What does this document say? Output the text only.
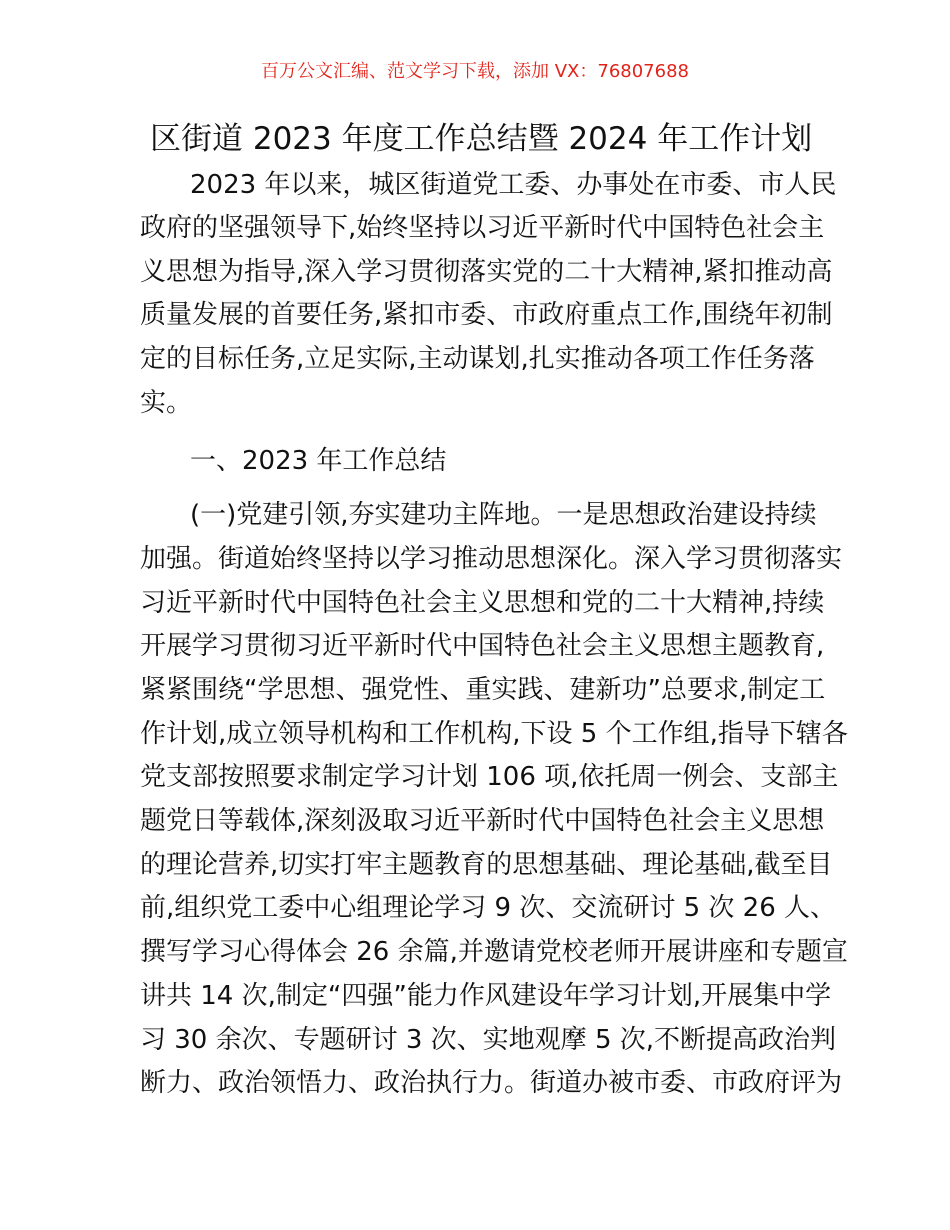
百万公文汇编、范文学习下载，添加 VX：76807688
区街道 2023 年度工作总结暨 2024 年工作计划
2023 年以来，城区街道党工委、办事处在市委、市人民
政府的坚强领导下,始终坚持以习近平新时代中国特色社会主
义思想为指导,深入学习贯彻落实党的二十大精神,紧扣推动高
质量发展的首要任务,紧扣市委、市政府重点工作,围绕年初制
定的目标任务,立足实际,主动谋划,扎实推动各项工作任务落
实。
一、2023 年工作总结
(一)党建引领,夯实建功主阵地。一是思想政治建设持续
加强。街道始终坚持以学习推动思想深化。深入学习贯彻落实
习近平新时代中国特色社会主义思想和党的二十大精神,持续
开展学习贯彻习近平新时代中国特色社会主义思想主题教育,
紧紧围绕“学思想、强党性、重实践、建新功”总要求,制定工
作计划,成立领导机构和工作机构,下设 5 个工作组,指导下辖各
党支部按照要求制定学习计划 106 项,依托周一例会、支部主
题党日等载体,深刻汲取习近平新时代中国特色社会主义思想
的理论营养,切实打牢主题教育的思想基础、理论基础,截至目
前,组织党工委中心组理论学习 9 次、交流研讨 5 次 26 人、
撰写学习心得体会 26 余篇,并邀请党校老师开展讲座和专题宣
讲共 14 次,制定“四强”能力作风建设年学习计划,开展集中学
习 30 余次、专题研讨 3 次、实地观摩 5 次,不断提高政治判
断力、政治领悟力、政治执行力。街道办被市委、市政府评为
